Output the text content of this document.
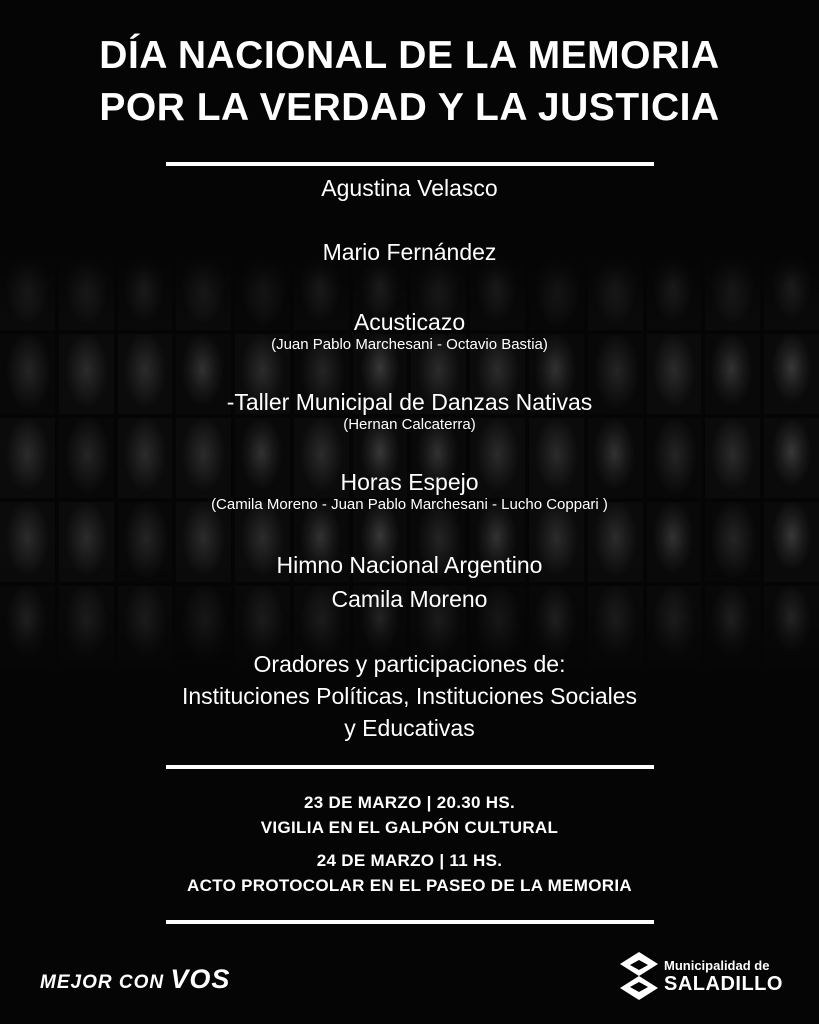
DÍA NACIONAL DE LA MEMORIA
POR LA VERDAD Y LA JUSTICIA

Agustina Velasco

Mario Fernández

Acusticazo

(Juan Pablo Marchesani - Octavio Bastia)

-Taller Municipal de Danzas Nativas

(Hernan Calcaterra)

Horas Espejo

(Camila Moreno - Juan Pablo Marchesani - Lucho Coppari )

Himno Nacional Argentino

Camila Moreno

Oradores y participaciones de:

Instituciones Políticas, Instituciones Sociales

y Educativas

23 DE MARZO | 20.30 HS.

VIGILIA EN EL GALPÓN CULTURAL

24 DE MARZO | 11 HS.

ACTO PROTOCOLAR EN EL PASEO DE LA MEMORIA

MEJOR CON VOS	Municipalidad de
SALADILLO
